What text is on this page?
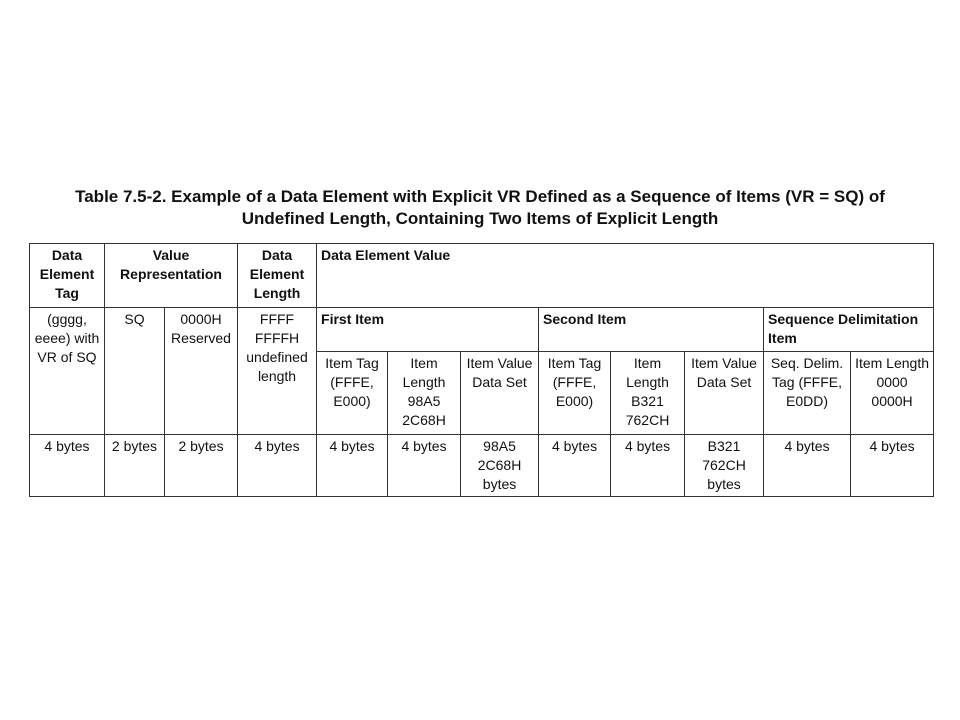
Table 7.5-2. Example of a Data Element with Explicit VR Defined as a Sequence of Items (VR = SQ) of
Undefined Length, Containing Two Items of Explicit Length
Data Element Tag	Value Representation		Data Element Length	Data Element Value							
(gggg, eeee) with VR of SQ	SQ	0000H Reserved	FFFF FFFFH undefined length	First Item			Second Item			Sequence Delimitation Item	
				Item Tag (FFFE, E000)	Item Length 98A5 2C68H	Item Value Data Set	Item Tag (FFFE, E000)	Item Length B321 762CH	Item Value Data Set	Seq. Delim. Tag (FFFE, E0DD)	Item Length 0000 0000H
4 bytes	2 bytes	2 bytes	4 bytes	4 bytes	4 bytes	98A5 2C68H bytes	4 bytes	4 bytes	B321 762CH bytes	4 bytes	4 bytes
